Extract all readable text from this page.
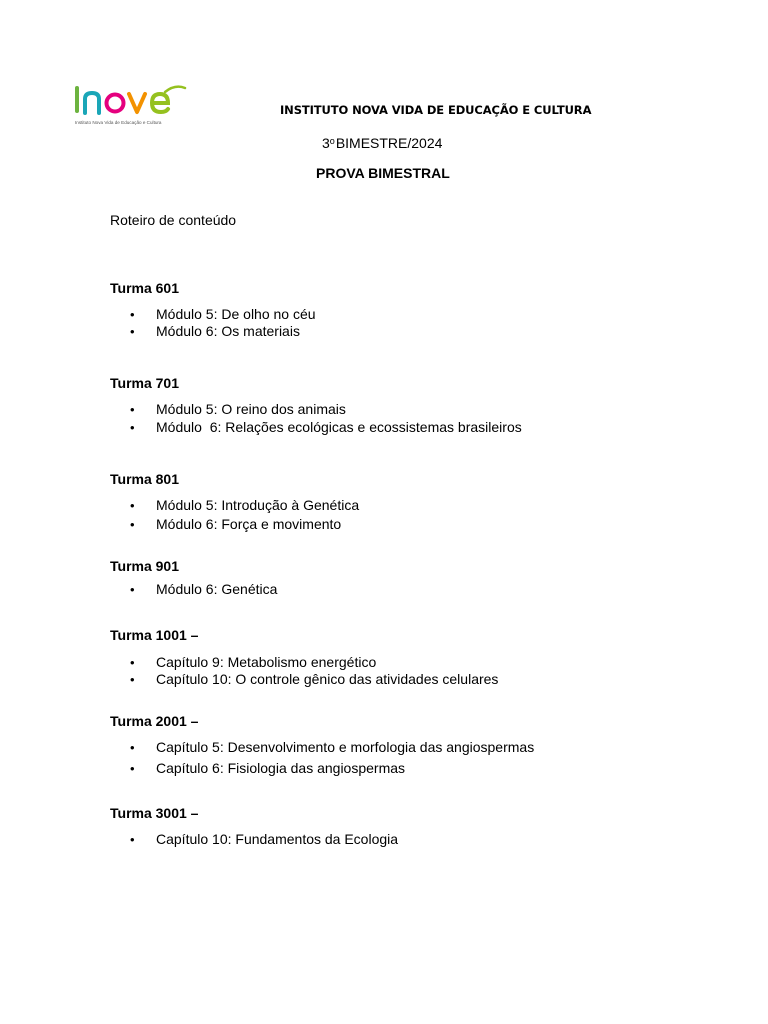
Instituto Nova Vida de Educação e Cultura
INSTITUTO NOVA VIDA DE EDUCAÇÃO E CULTURA
3$^o$BIMESTRE/2024
PROVA BIMESTRAL
Roteiro de conteúdo
Turma 601
• Módulo 5: De olho no céu
• Módulo 6: Os materiais
Turma 701
• Módulo 5: O reino dos animais
• Módulo  6: Relações ecológicas e ecossistemas brasileiros
Turma 801
• Módulo 5: Introdução à Genética
• Módulo 6: Força e movimento
Turma 901
• Módulo 6: Genética
Turma 1001 –
• Capítulo 9: Metabolismo energético
• Capítulo 10: O controle gênico das atividades celulares
Turma 2001 –
• Capítulo 5: Desenvolvimento e morfologia das angiospermas
• Capítulo 6: Fisiologia das angiospermas
Turma 3001 –
• Capítulo 10: Fundamentos da Ecologia
